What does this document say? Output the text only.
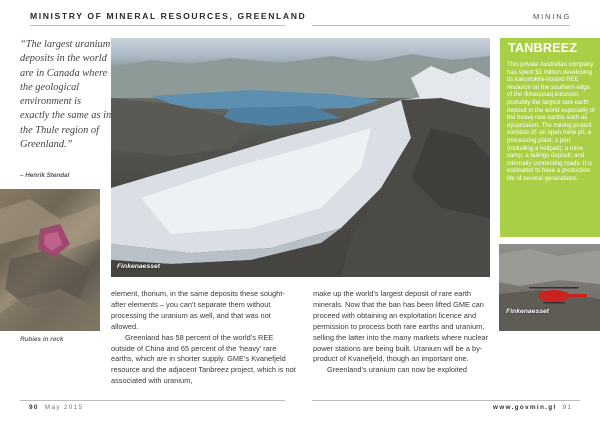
MINISTRY OF MINERAL RESOURCES, GREENLAND	MINING
“The largest uranium deposits in the world are in Canada where the geological environment is exactly the same as in the Thule region of Greenland.”
– Henrik Stendal
Finkenaesset
Rubies in rock
TANBREEZ
This private Australian company has spent $5 million developing its kakortokite-hosted REE resource on the southern edge of the Ilimaussaq intrusion, probably the largest rare earth deposit in the world especially of the heavy rare earths such as dysprosium. The mining project consists of: an open mine pit; a processing plant; a port (including a helipad); a mine camp; a tailings deposit; and internally connecting roads. It is estimated to have a production life of several generations.
Finkenaesset

element, thorium, in the same deposits these sought-after elements – you can’t separate them without processing the uranium as well, and that was not allowed.

Greenland has 58 percent of the world’s REE outside of China and 65 percent of the ‘heavy’ rare earths, which are in shorter supply. GME’s Kvanefjeld resource and the adjacent Tanbreez project, which is not associated with uranium,

make up the world’s largest deposit of rare earth minerals. Now that the ban has been lifted GME can proceed with obtaining an exploitation licence and permission to process both rare earths and uranium, selling the latter into the many markets where nuclear power stations are being built. Uranium will be a by-product of Kvanefjeld, though an important one.

Greenland’s uranium can now be exploited

90 May 2015	www.govmin.gl 91
